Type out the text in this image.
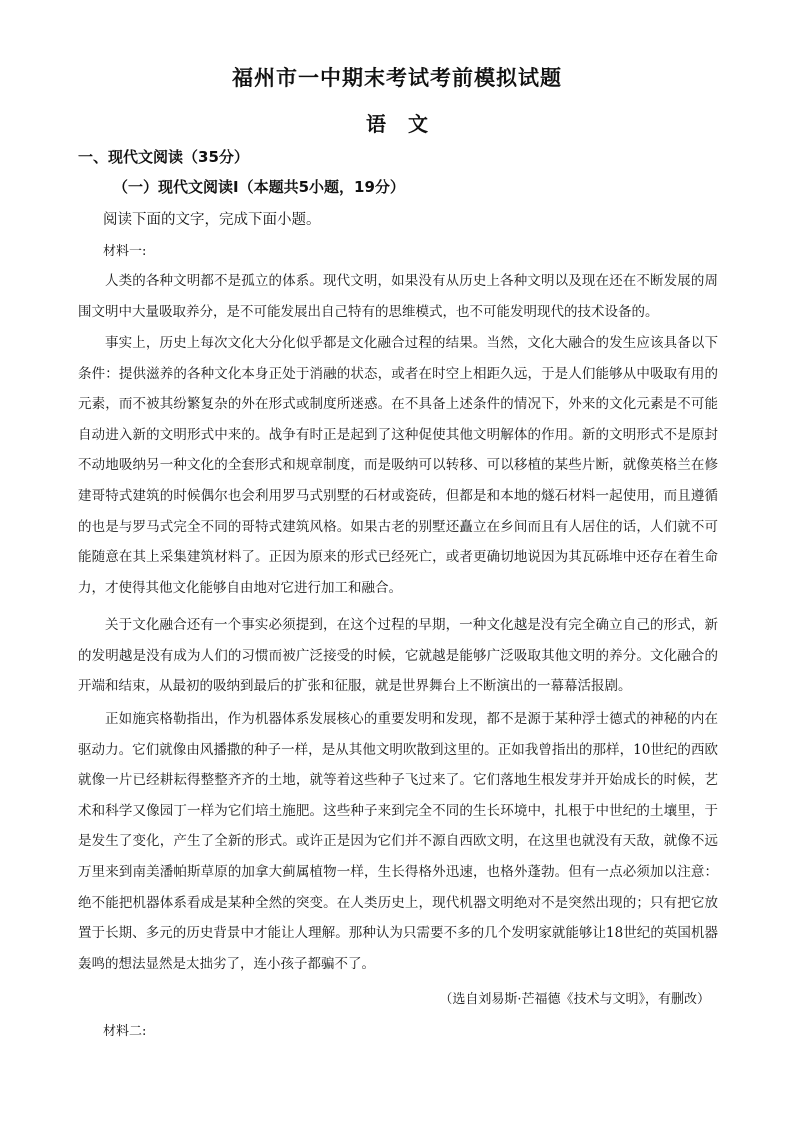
福州市一中期末考试考前模拟试题
语文
一、现代文阅读（35分）
（一）现代文阅读Ⅰ（本题共5小题，19分）
阅读下面的文字，完成下面小题。
材料一:

人类的各种文明都不是孤立的体系。现代文明，如果没有从历史上各种文明以及现在还在不断发展的周围文明中大量吸取养分，是不可能发展出自己特有的思维模式，也不可能发明现代的技术设备的。

事实上，历史上每次文化大分化似乎都是文化融合过程的结果。当然，文化大融合的发生应该具备以下条件：提供滋养的各种文化本身正处于消融的状态，或者在时空上相距久远，于是人们能够从中吸取有用的元素，而不被其纷繁复杂的外在形式或制度所迷惑。在不具备上述条件的情况下，外来的文化元素是不可能自动进入新的文明形式中来的。战争有时正是起到了这种促使其他文明解体的作用。新的文明形式不是原封不动地吸纳另一种文化的全套形式和规章制度，而是吸纳可以转移、可以移植的某些片断，就像英格兰在修建哥特式建筑的时候偶尔也会利用罗马式别墅的石材或瓷砖，但都是和本地的燧石材料一起使用，而且遵循的也是与罗马式完全不同的哥特式建筑风格。如果古老的别墅还矗立在乡间而且有人居住的话，人们就不可能随意在其上采集建筑材料了。正因为原来的形式已经死亡，或者更确切地说因为其瓦砾堆中还存在着生命力，才使得其他文化能够自由地对它进行加工和融合。

关于文化融合还有一个事实必须提到，在这个过程的早期，一种文化越是没有完全确立自己的形式，新的发明越是没有成为人们的习惯而被广泛接受的时候，它就越是能够广泛吸取其他文明的养分。文化融合的开端和结束，从最初的吸纳到最后的扩张和征服，就是世界舞台上不断演出的一幕幕活报剧。

正如施宾格勒指出，作为机器体系发展核心的重要发明和发现，都不是源于某种浮士德式的神秘的内在驱动力。它们就像由风播撒的种子一样，是从其他文明吹散到这里的。正如我曾指出的那样，10世纪的西欧就像一片已经耕耘得整整齐齐的土地，就等着这些种子飞过来了。它们落地生根发芽并开始成长的时候，艺术和科学又像园丁一样为它们培土施肥。这些种子来到完全不同的生长环境中，扎根于中世纪的土壤里，于是发生了变化，产生了全新的形式。或许正是因为它们并不源自西欧文明，在这里也就没有天敌，就像不远万里来到南美潘帕斯草原的加拿大蓟属植物一样，生长得格外迅速，也格外蓬勃。但有一点必须加以注意：绝不能把机器体系看成是某种全然的突变。在人类历史上，现代机器文明绝对不是突然出现的；只有把它放置于长期、多元的历史背景中才能让人理解。那种认为只需要不多的几个发明家就能够让18世纪的英国机器轰鸣的想法显然是太拙劣了，连小孩子都骗不了。

（选自刘易斯·芒福德《技术与文明》，有删改）
材料二:
